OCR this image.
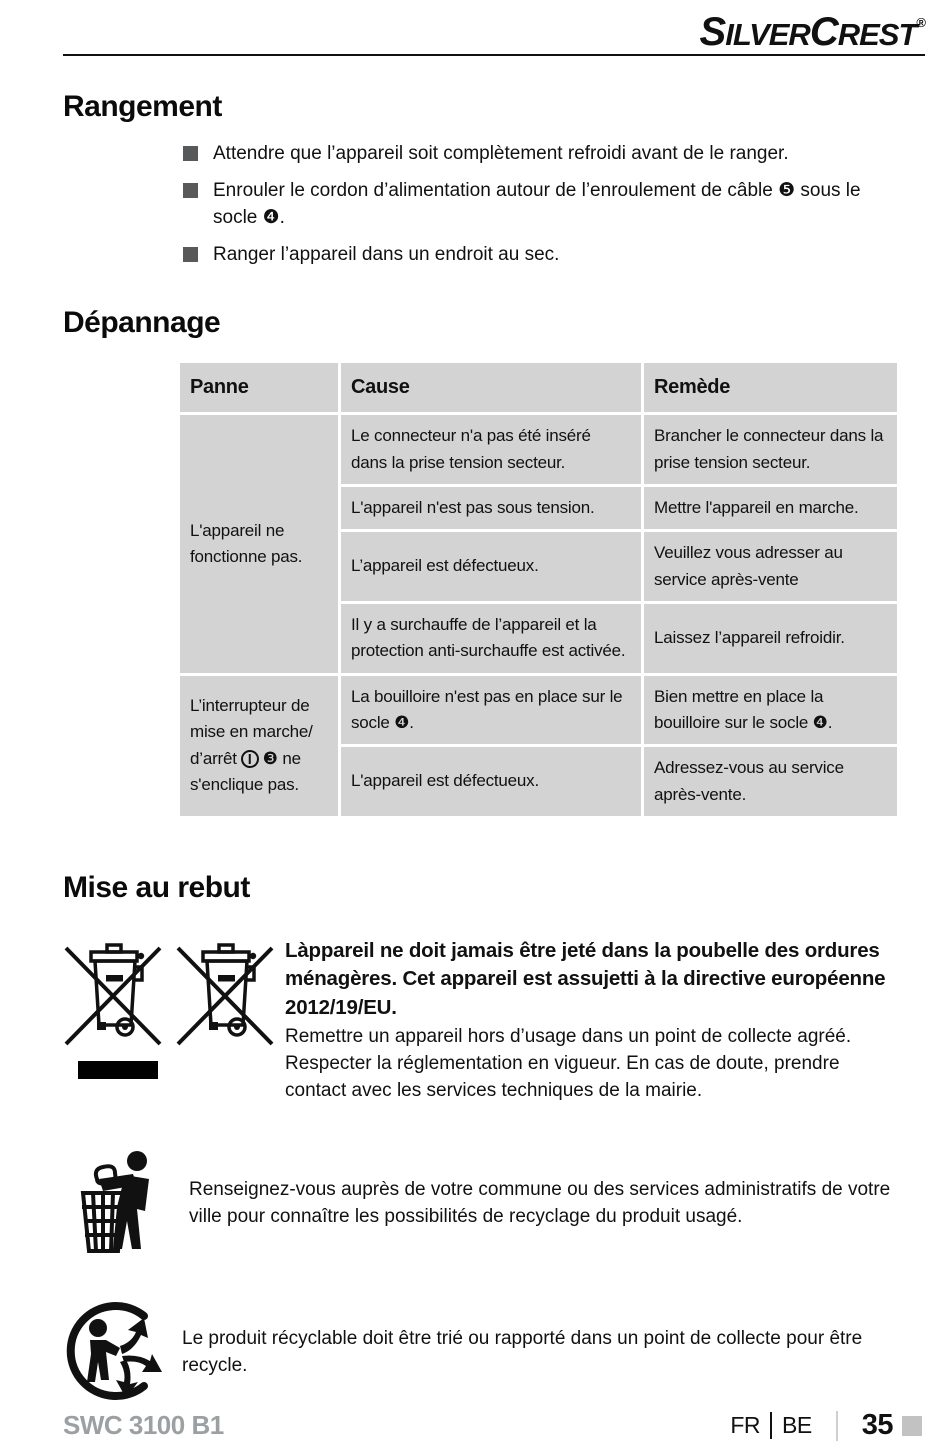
SILVERCREST®
Rangement
Attendre que l’appareil soit complètement refroidi avant de le ranger.
Enrouler le cordon d’alimentation autour de l’enroulement de câble ❺ sous le socle ❹.
Ranger l’appareil dans un endroit au sec.
Dépannage
Panne	Cause	Remède
L'appareil ne fonctionne pas.	Le connecteur n'a pas été inséré dans la prise tension secteur.	Brancher le connecteur dans la prise tension secteur.
	L'appareil n'est pas sous tension.	Mettre l'appareil en marche.
	L’appareil est défectueux.	Veuillez vous adresser au service après-vente
	Il y a surchauffe de l’appareil et la protection anti-surchauffe est activée.	Laissez l’appareil refroidir.
L’interrupteur de mise en marche/ d’arrêt ❸ ne s'enclique pas.	La bouilloire n'est pas en place sur le socle ❹.	Bien mettre en place la bouilloire sur le socle ❹.
	L'appareil est défectueux.	Adressez-vous au service après-vente.
Mise au rebut
Làppareil ne doit jamais être jeté dans la poubelle des ordures ménagères. Cet appareil est assujetti à la directive européenne 2012/19/EU.
Remettre un appareil hors d’usage dans un point de collecte agréé. Respecter la réglementation en vigueur. En cas de doute, prendre contact avec les services techniques de la mairie.
Renseignez-vous auprès de votre commune ou des services administratifs de votre ville pour connaître les possibilités de recyclage du produit usagé.
Le produit récyclable doit être trié ou rapporté dans un point de collecte pour être recycle.
SWC 3100 B1	FR BE 35
